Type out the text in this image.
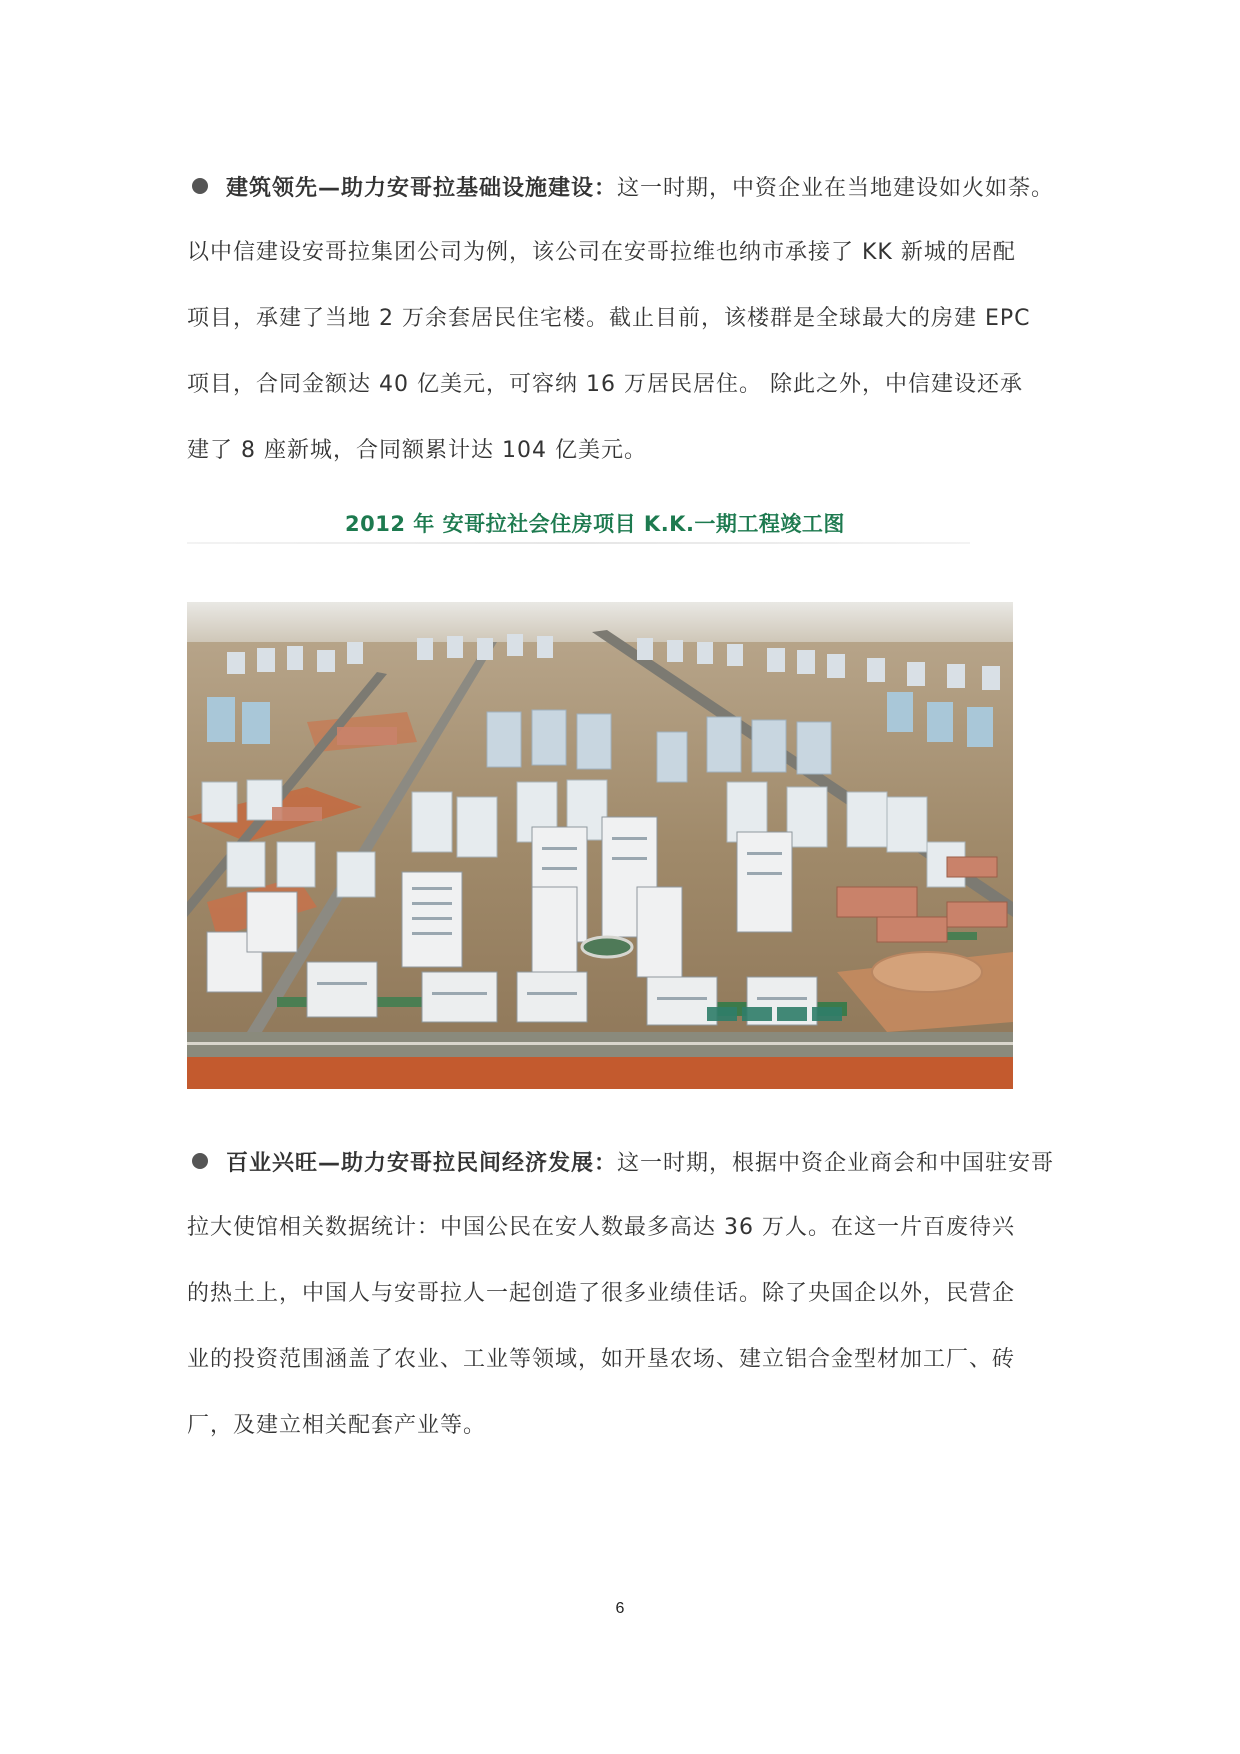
建筑领先—助力安哥拉基础设施建设：这一时期，中资企业在当地建设如火如荼。
以中信建设安哥拉集团公司为例，该公司在安哥拉维也纳市承接了 KK 新城的居配
项目，承建了当地 2 万余套居民住宅楼。截止目前，该楼群是全球最大的房建 EPC
项目，合同金额达 40 亿美元，可容纳 16 万居民居住。 除此之外，中信建设还承
建了 8 座新城，合同额累计达 104 亿美元。
2012 年 安哥拉社会住房项目 K.K.一期工程竣工图
百业兴旺—助力安哥拉民间经济发展：这一时期，根据中资企业商会和中国驻安哥
拉大使馆相关数据统计：中国公民在安人数最多高达 36 万人。在这一片百废待兴
的热土上，中国人与安哥拉人一起创造了很多业绩佳话。除了央国企以外，民营企
业的投资范围涵盖了农业、工业等领域，如开垦农场、建立铝合金型材加工厂、砖
厂，及建立相关配套产业等。
6
